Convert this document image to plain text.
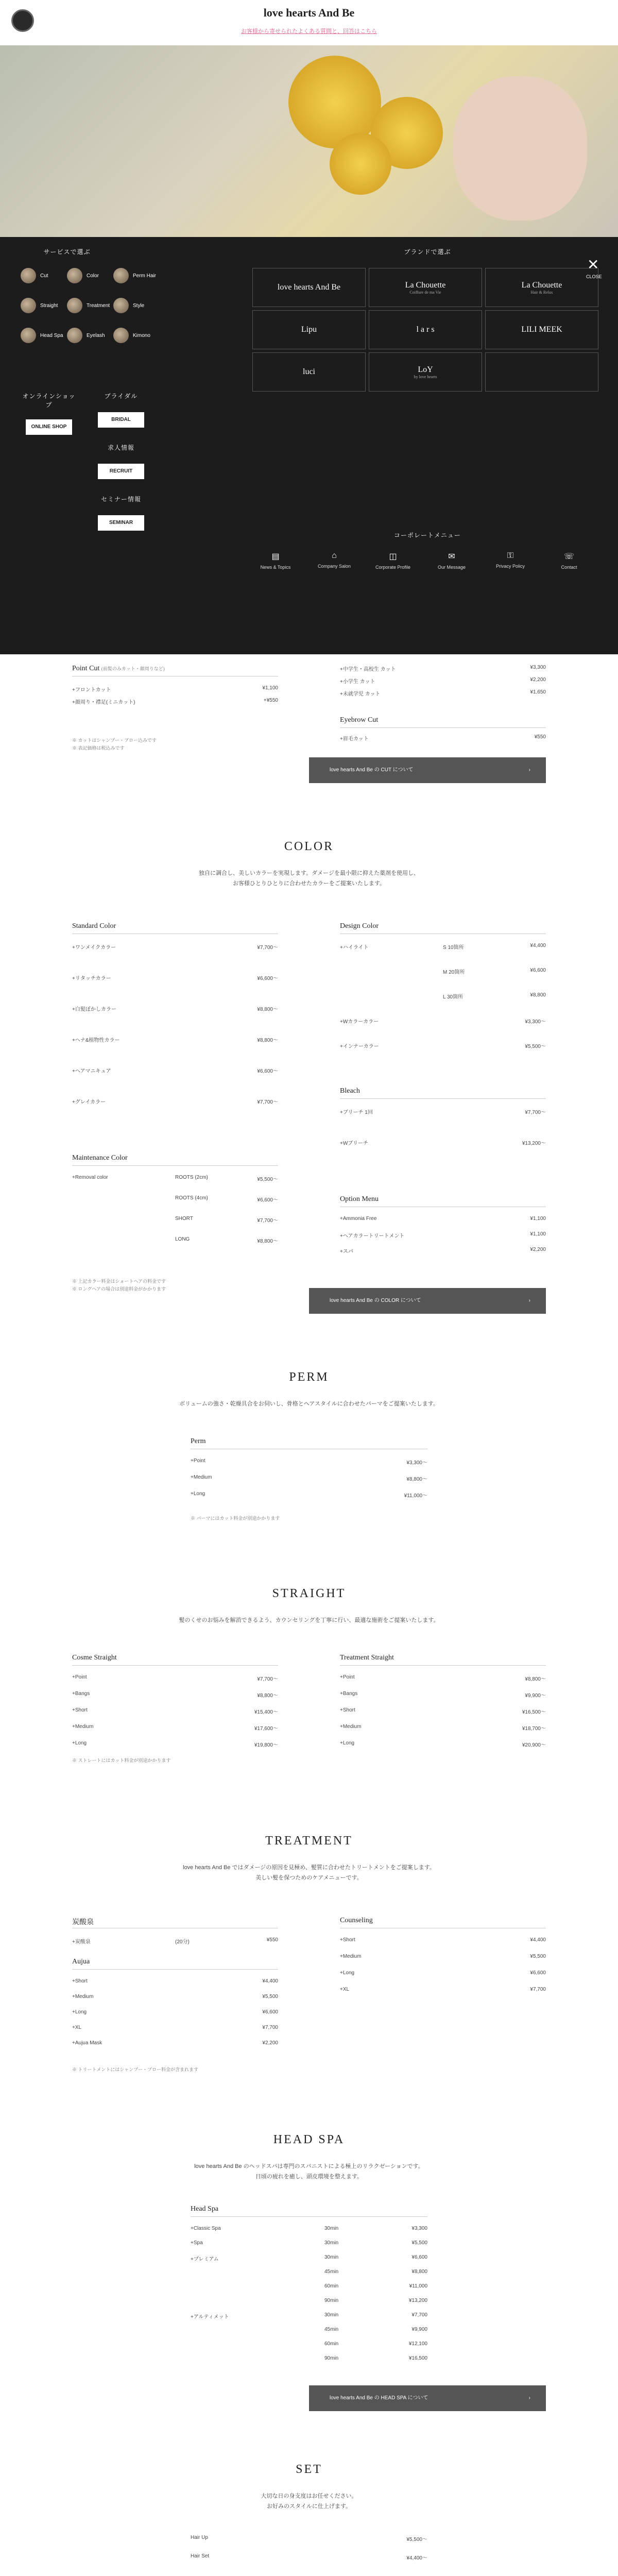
love hearts And Be
お客様から寄せられたよくある質問と、回答はこちら
サービスで選ぶ
Cut	Color	Perm Hair
Straight	Treatment	Style
Head Spa	Eyelash	Kimono
オンラインショップ
ONLINE SHOP
ブライダル
BRIDAL
求人情報
RECRUIT
セミナー情報
SEMINAR
ブランドで選ぶ
love hearts And Be	La Chouette
Coiffure de ma Vie
La Chouette
Hair & Relax
Lipu	l a r s	LILI MEEK
luci	LoY
by love hearts
✕
CLOSE
コーポレートメニュー
▤
News & Topics
⌂
Company Salon
◫
Corporate Profile
✉
Our Message
⚿
Privacy Policy
☏
Contact
Point Cut (前髪のみカット・顔周りなど)
+フロントカット	¥1,100
+顔周り・襟足(ミニカット)	+¥550
+中学生・高校生 カット	¥3,300
+小学生 カット	¥2,200
+未就学児 カット	¥1,650
Eyebrow Cut
+眉毛カット	¥550
※ カットはシャンプー・ブロー込みです
※ 表記価格は税込みです
love hearts And Be の CUT について	›
COLOR
独自に調合し、美しいカラーを実現します。ダメージを最小限に抑えた薬剤を使用し、
お客様ひとりひとりに合わせたカラーをご提案いたします。
Standard Color
+ワンメイクカラー	¥7,700〜
+リタッチカラー	¥6,600〜
+白髪ぼかしカラー	¥8,800〜
+ヘナ&植物性カラー	¥8,800〜
+ヘアマニキュア	¥6,600〜
+グレイカラー	¥7,700〜
Maintenance Color
+Removal color	ROOTS (2cm)	¥5,500〜
ROOTS (4cm)	¥6,600〜
SHORT	¥7,700〜
LONG	¥8,800〜
Design Color
+ハイライト	S 10箇所	¥4,400
M 20箇所	¥6,600
L 30箇所	¥8,800
+Wカラーカラー	¥3,300〜
+インナーカラー	¥5,500〜
Bleach
+ブリーチ 1回	¥7,700〜
+Wブリーチ	¥13,200〜
Option Menu
+Ammonia Free	¥1,100
+ヘアカラートリートメント	¥1,100
+スパ	¥2,200
※ 上記カラー料金はショートヘアの料金です
※ ロングヘアの場合は別途料金がかかります
love hearts And Be の COLOR について	›
PERM
ボリュームの強さ・乾燥具合をお伺いし、骨格とヘアスタイルに合わせたパーマをご提案いたします。
Perm
+Point	¥3,300〜
+Medium	¥8,800〜
+Long	¥11,000〜
※ パーマにはカット料金が別途かかります
STRAIGHT
髪のくせのお悩みを解消できるよう、カウンセリングを丁寧に行い、最適な施術をご提案いたします。
Cosme Straight
+Point	¥7,700〜
+Bangs	¥8,800〜
+Short	¥15,400〜
+Medium	¥17,600〜
+Long	¥19,800〜
Treatment Straight
+Point	¥8,800〜
+Bangs	¥9,900〜
+Short	¥16,500〜
+Medium	¥18,700〜
+Long	¥20,900〜
※ ストレートにはカット料金が別途かかります
TREATMENT
love hearts And Be ではダメージの原因を見極め、髪質に合わせたトリートメントをご提案します。
美しい髪を保つためのケアメニューです。
炭酸泉
+炭酸泉	(20分)	¥550
Aujua
+Short	¥4,400
+Medium	¥5,500
+Long	¥6,600
+XL	¥7,700
+Aujua Mask	¥2,200
Counseling
+Short	¥4,400
+Medium	¥5,500
+Long	¥6,600
+XL	¥7,700
※ トリートメントにはシャンプー・ブロー料金が含まれます
HEAD SPA
love hearts And Be のヘッドスパは専門のスパニストによる極上のリラクゼーションです。
日頃の疲れを癒し、頭皮環境を整えます。
Head Spa
+Classic Spa	30min	¥3,300
+Spa	30min	¥5,500
+プレミアム	30min	¥6,600
45min	¥8,800
60min	¥11,000
90min	¥13,200
+アルティメット	30min	¥7,700
45min	¥9,900
60min	¥12,100
90min	¥16,500
love hearts And Be の HEAD SPA について	›
SET
大切な日の身支度はお任せください。
お好みのスタイルに仕上げます。
Hair Up	¥5,500〜
Hair Set	¥4,400〜
